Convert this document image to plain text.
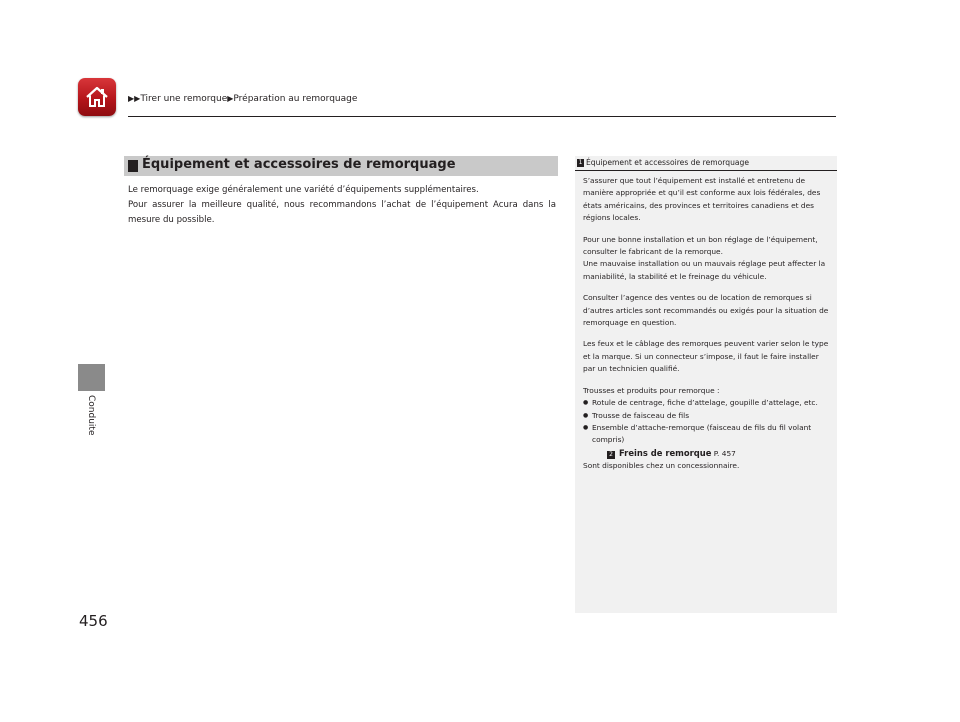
▶▶Tirer une remorque▶Préparation au remorquage
Conduite
456
Équipement et accessoires de remorquage

Le remorquage exige généralement une variété d’équipements supplémentaires.

Pour assurer la meilleure qualité, nous recommandons l’achat de l’équipement Acura dans la

mesure du possible.

1 Équipement et accessoires de remorquage

S’assurer que tout l’équipement est installé et entretenu de manière appropriée et qu’il est conforme aux lois fédérales, des états américains, des provinces et territoires canadiens et des régions locales.

Pour une bonne installation et un bon réglage de l’équipement, consulter le fabricant de la remorque.
Une mauvaise installation ou un mauvais réglage peut affecter la maniabilité, la stabilité et le freinage du véhicule.

Consulter l’agence des ventes ou de location de remorques si d’autres articles sont recommandés ou exigés pour la situation de remorquage en question.

Les feux et le câblage des remorques peuvent varier selon le type et la marque. Si un connecteur s’impose, il faut le faire installer par un technicien qualifié.

Trousses et produits pour remorque :
● Rotule de centrage, fiche d’attelage, goupille d’attelage, etc.
● Trousse de faisceau de fils
● Ensemble d’attache-remorque (faisceau de fils du fil volant compris)
2 Freins de remorque P. 457
Sont disponibles chez un concessionnaire.
